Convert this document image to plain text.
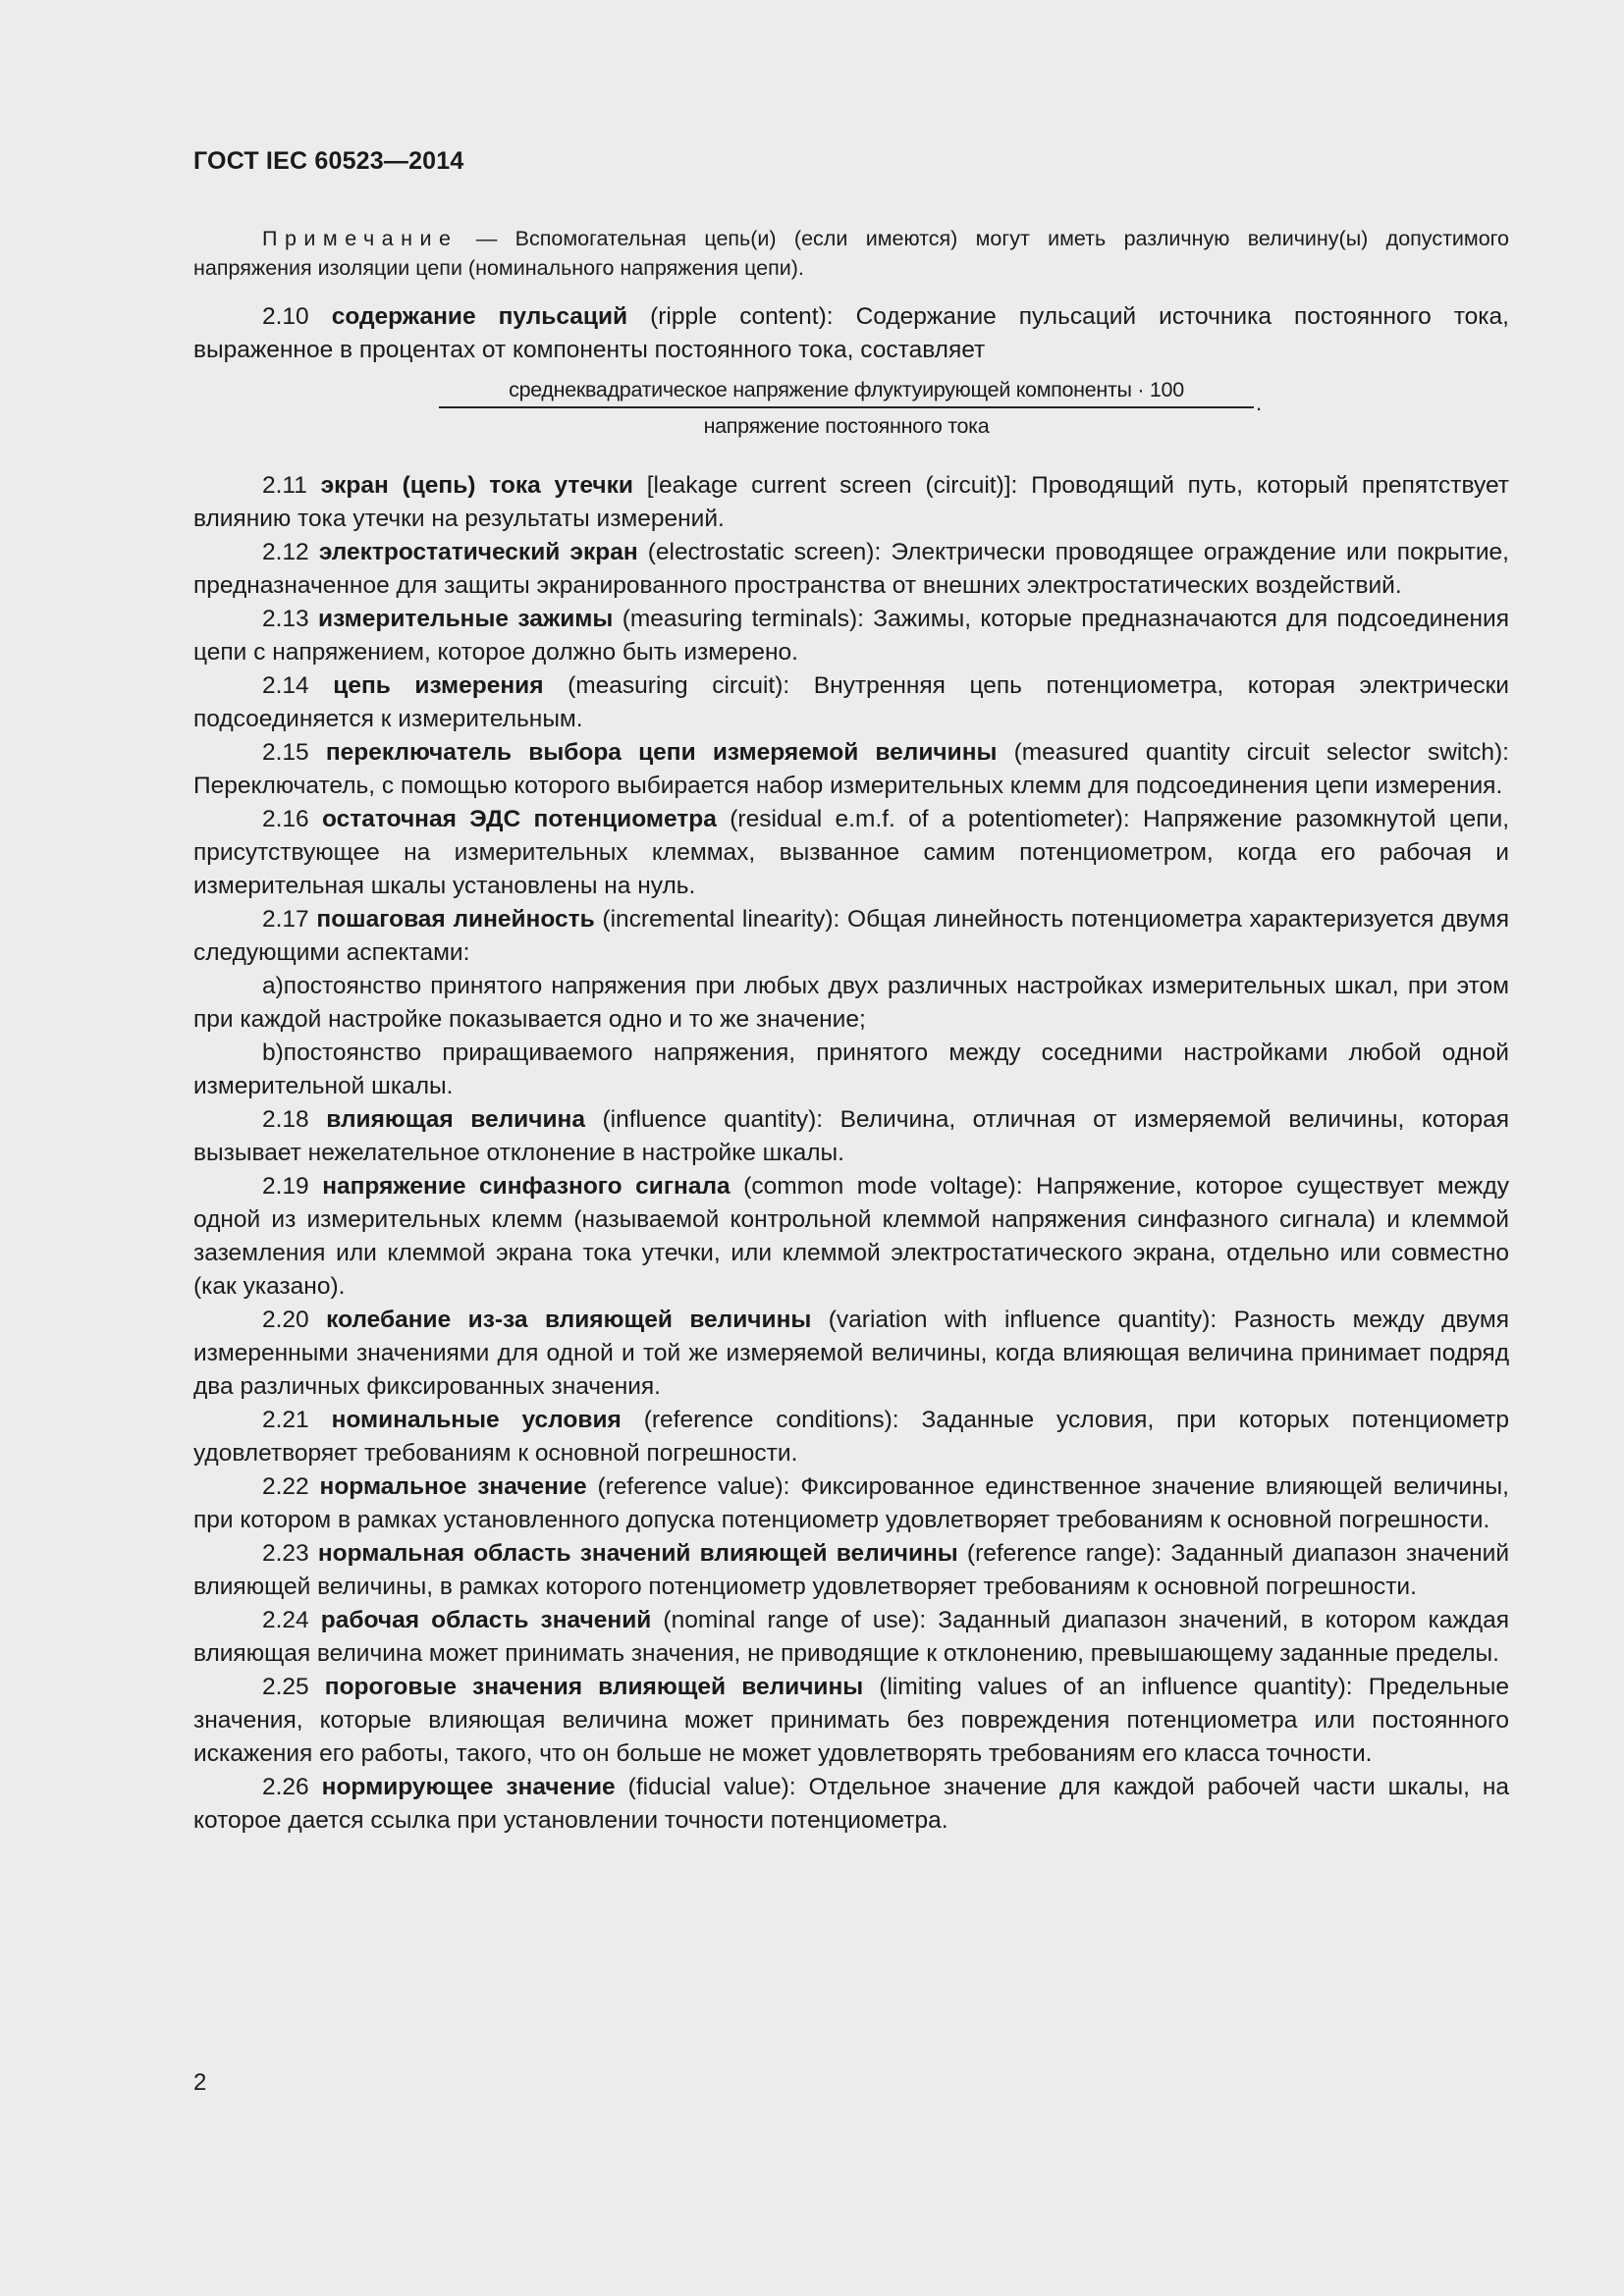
ГОСТ IEC 60523—2014
Примечание — Вспомогательная цепь(и) (если имеются) могут иметь различную величину(ы) допустимого напряжения изоляции цепи (номинального напряжения цепи).

2.10 содержание пульсаций (ripple content): Содержание пульсаций источника постоянного тока, выраженное в процентах от компоненты постоянного тока, составляет

среднеквадратическое напряжение флуктуирующей компоненты · 100
напряжение постоянного тока
.

2.11 экран (цепь) тока утечки [leakage current screen (circuit)]: Проводящий путь, который препятствует влиянию тока утечки на результаты измерений.

2.12 электростатический экран (electrostatic screen): Электрически проводящее ограждение или покрытие, предназначенное для защиты экранированного пространства от внешних электростатических воздействий.

2.13 измерительные зажимы (measuring terminals): Зажимы, которые предназначаются для подсоединения цепи с напряжением, которое должно быть измерено.

2.14 цепь измерения (measuring circuit): Внутренняя цепь потенциометра, которая электрически подсоединяется к измерительным.

2.15 переключатель выбора цепи измеряемой величины (measured quantity circuit selector switch): Переключатель, с помощью которого выбирается набор измерительных клемм для подсоединения цепи измерения.

2.16 остаточная ЭДС потенциометра (residual e.m.f. of a potentiometer): Напряжение разомкнутой цепи, присутствующее на измерительных клеммах, вызванное самим потенциометром, когда его рабочая и измерительная шкалы установлены на нуль.

2.17 пошаговая линейность (incremental linearity): Общая линейность потенциометра характеризуется двумя следующими аспектами:

a)постоянство принятого напряжения при любых двух различных настройках измерительных шкал, при этом при каждой настройке показывается одно и то же значение;

b)постоянство приращиваемого напряжения, принятого между соседними настройками любой одной измерительной шкалы.

2.18 влияющая величина (influence quantity): Величина, отличная от измеряемой величины, которая вызывает нежелательное отклонение в настройке шкалы.

2.19 напряжение синфазного сигнала (common mode voltage): Напряжение, которое существует между одной из измерительных клемм (называемой контрольной клеммой напряжения синфазного сигнала) и клеммой заземления или клеммой экрана тока утечки, или клеммой электростатического экрана, отдельно или совместно (как указано).

2.20 колебание из-за влияющей величины (variation with influence quantity): Разность между двумя измеренными значениями для одной и той же измеряемой величины, когда влияющая величина принимает подряд два различных фиксированных значения.

2.21 номинальные условия (reference conditions): Заданные условия, при которых потенциометр удовлетворяет требованиям к основной погрешности.

2.22 нормальное значение (reference value): Фиксированное единственное значение влияющей величины, при котором в рамках установленного допуска потенциометр удовлетворяет требованиям к основной погрешности.

2.23 нормальная область значений влияющей величины (reference range): Заданный диапазон значений влияющей величины, в рамках которого потенциометр удовлетворяет требованиям к основной погрешности.

2.24 рабочая область значений (nominal range of use): Заданный диапазон значений, в котором каждая влияющая величина может принимать значения, не приводящие к отклонению, превышающему заданные пределы.

2.25 пороговые значения влияющей величины (limiting values of an influence quantity): Предельные значения, которые влияющая величина может принимать без повреждения потенциометра или постоянного искажения его работы, такого, что он больше не может удовлетворять требованиям его класса точности.

2.26 нормирующее значение (fiducial value): Отдельное значение для каждой рабочей части шкалы, на которое дается ссылка при установлении точности потенциометра.

2
